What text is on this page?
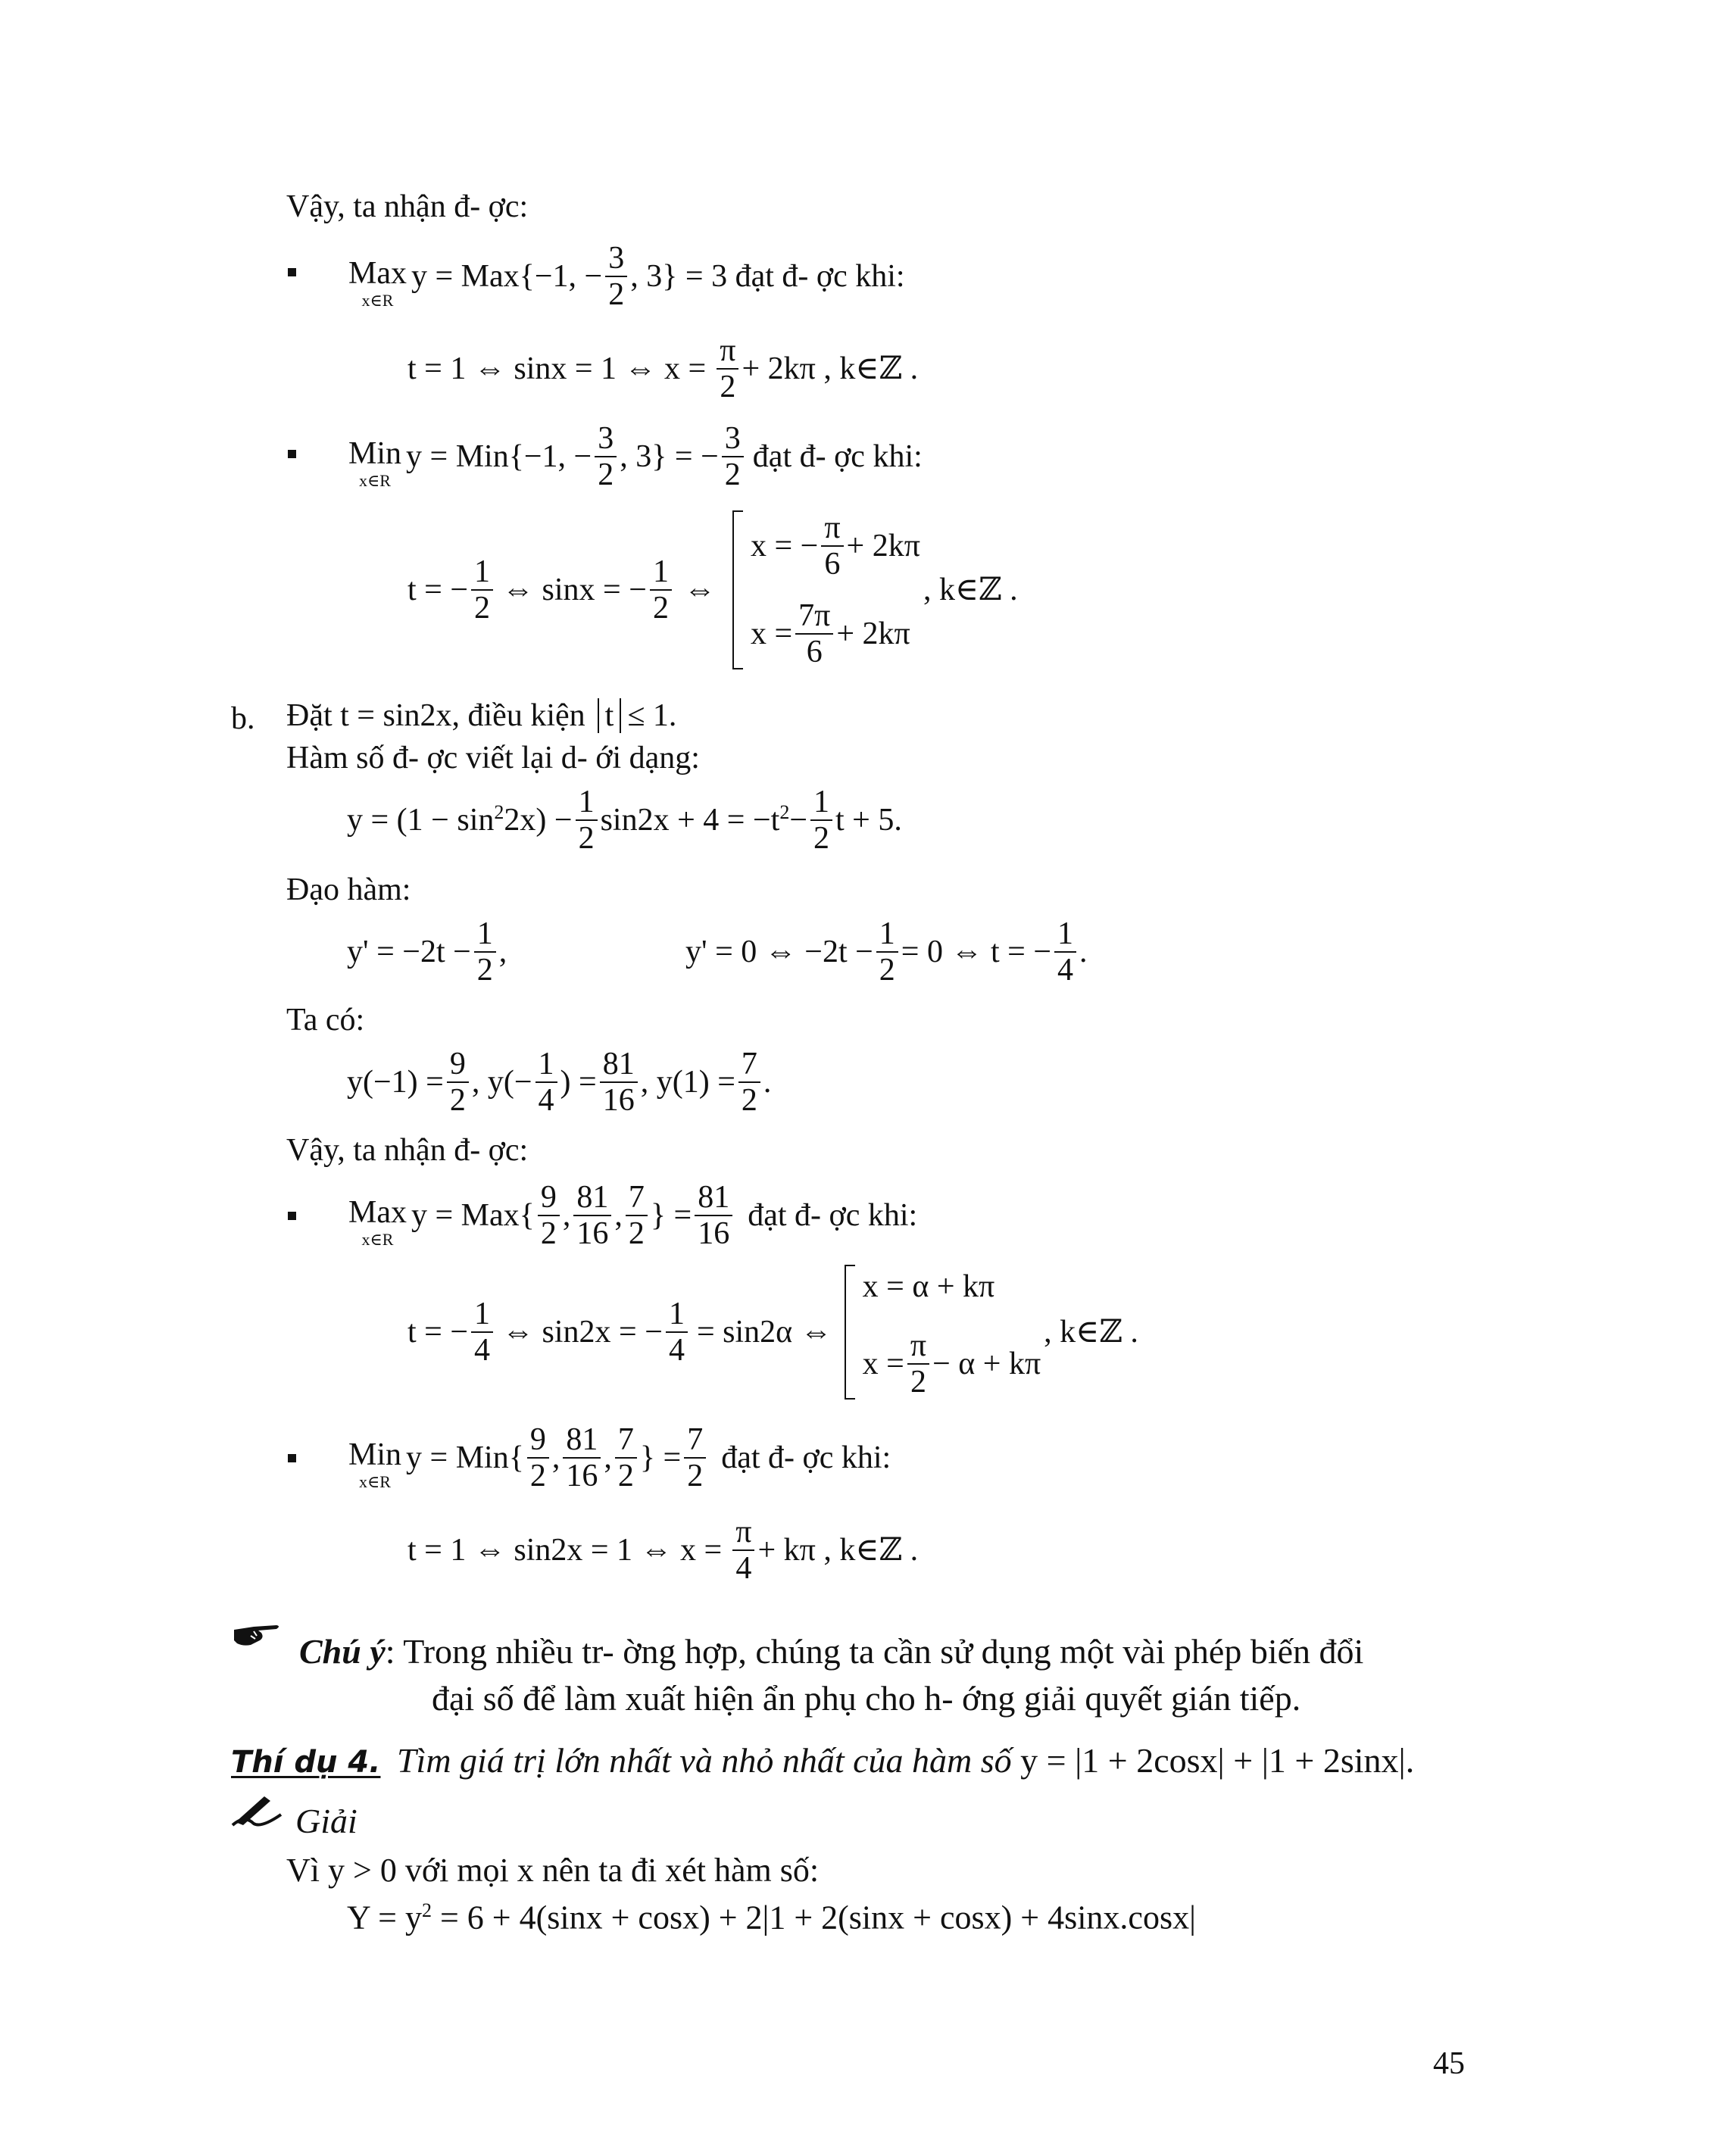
Vậy, ta nhận đ- ợc:
Max
x∈R
y = Max{−1, − $\frac{3}{2}$ , 3} = 3 đạt đ- ợc khi:
t = 1 ⇔ sinx = 1 ⇔ $x = \frac{\pi}{2} + 2k\pi$ , k∈ℤ .
Min
x∈R
y = Min{−1, − $\frac{3}{2}$ , 3} = − $\frac{3}{2}$ đạt đ- ợc khi:
t = − $\frac{1}{2}$ ⇔ sinx = − $\frac{1}{2}$ ⇔
x = − $\frac{\pi}{6} + 2k\pi$
$x = \frac{7\pi}{6} + 2k\pi$
, k∈ℤ .
b. Đặt t = sin2x, điều kiện t ≤ 1.
Hàm số đ- ợc viết lại d- ới dạng:
$y = (1 - \sin^2 2x) - \frac{1}{2} \sin 2x + 4 = -t^2 - \frac{1}{2}$ t + 5.
Đạo hàm:
$y' = -2t - \frac{1}{2}$ ,	y' = 0 ⇔ $-2t - \frac{1}{2} = 0$ ⇔ t = − $\frac{1}{4}$ .
Ta có:
$y(-1) = \frac{9}{2}$ , $y(- \frac{1}{4}$ ) = $\frac{81}{16}$ , $y(1) = \frac{7}{2}$ .
Vậy, ta nhận đ- ợc:
Max
x∈R
$y = Max\{ \frac{9}{2}$ , $\frac{81}{16}$ , $\frac{7}{2}$ } = $\frac{81}{16}$ đạt đ- ợc khi:
t = − $\frac{1}{4}$ ⇔ sin2x = − $\frac{1}{4} = \sin 2\alpha$ ⇔
x = α + kπ
$x = \frac{\pi}{2} - \alpha + k\pi$
, k∈ℤ .
Min
x∈R
$y = Min\{ \frac{9}{2}$ , $\frac{81}{16}$ , $\frac{7}{2}$ } = $\frac{7}{2}$ đạt đ- ợc khi:
t = 1 ⇔ sin2x = 1 ⇔ $x = \frac{\pi}{4} + k\pi$ , k∈ℤ .
Chú ý: Trong nhiều tr- ờng hợp, chúng ta cần sử dụng một vài phép biến đổi
đại số để làm xuất hiện ẩn phụ cho h- ớng giải quyết gián tiếp.
Thí dụ 4. Tìm giá trị lớn nhất và nhỏ nhất của hàm số y = |1 + 2cosx| + |1 + 2sinx|.
Giải
Vì y > 0 với mọi x nên ta đi xét hàm số:
$Y = y^2 = 6 + 4(\sin x + \cos x) + 2|1 + 2(\sin x + \cos x) + 4\sin x.\cos x|$
45
